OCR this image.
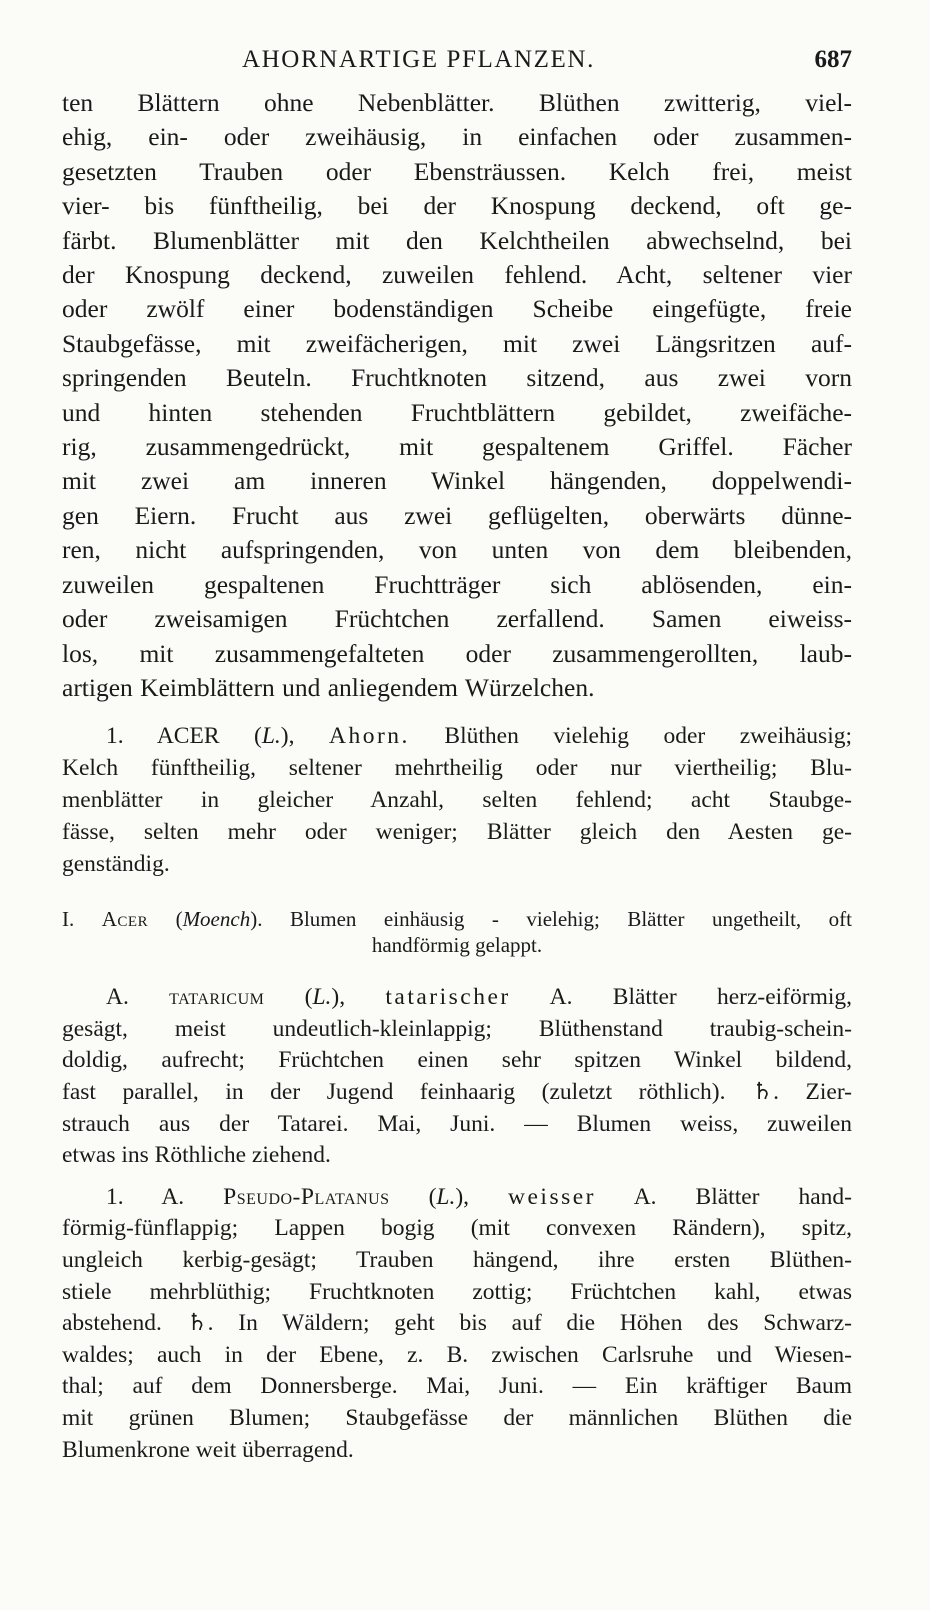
AHORNARTIGE PFLANZEN.	687
ten Blättern ohne Nebenblätter. Blüthen zwitterig, viel-
ehig, ein- oder zweihäusig, in einfachen oder zusammen-
gesetzten Trauben oder Ebensträussen. Kelch frei, meist
vier- bis fünftheilig, bei der Knospung deckend, oft ge-
färbt. Blumenblätter mit den Kelchtheilen abwechselnd, bei
der Knospung deckend, zuweilen fehlend. Acht, seltener vier
oder zwölf einer bodenständigen Scheibe eingefügte, freie
Staubgefässe, mit zweifächerigen, mit zwei Längsritzen auf-
springenden Beuteln. Fruchtknoten sitzend, aus zwei vorn
und hinten stehenden Fruchtblättern gebildet, zweifäche-
rig, zusammengedrückt, mit gespaltenem Griffel. Fächer
mit zwei am inneren Winkel hängenden, doppelwendi-
gen Eiern. Frucht aus zwei geflügelten, oberwärts dünne-
ren, nicht aufspringenden, von unten von dem bleibenden,
zuweilen gespaltenen Fruchtträger sich ablösenden, ein-
oder zweisamigen Früchtchen zerfallend. Samen eiweiss-
los, mit zusammengefalteten oder zusammengerollten, laub-
artigen Keimblättern und anliegendem Würzelchen.
1. ACER (L.), Ahorn. Blüthen vielehig oder zweihäusig;
Kelch fünftheilig, seltener mehrtheilig oder nur viertheilig; Blu-
menblätter in gleicher Anzahl, selten fehlend; acht Staubge-
fässe, selten mehr oder weniger; Blätter gleich den Aesten ge-
genständig.
I. Acer (Moench). Blumen einhäusig - vielehig; Blätter ungetheilt, oft
handförmig gelappt.
A. tataricum (L.), tatarischer A. Blätter herz-eiförmig,
gesägt, meist undeutlich-kleinlappig; Blüthenstand traubig-schein-
doldig, aufrecht; Früchtchen einen sehr spitzen Winkel bildend,
fast parallel, in der Jugend feinhaarig (zuletzt röthlich). ♄. Zier-
strauch aus der Tatarei. Mai, Juni. — Blumen weiss, zuweilen
etwas ins Röthliche ziehend.
1. A. Pseudo-Platanus (L.), weisser A. Blätter hand-
förmig-fünflappig; Lappen bogig (mit convexen Rändern), spitz,
ungleich kerbig-gesägt; Trauben hängend, ihre ersten Blüthen-
stiele mehrblüthig; Fruchtknoten zottig; Früchtchen kahl, etwas
abstehend. ♄. In Wäldern; geht bis auf die Höhen des Schwarz-
waldes; auch in der Ebene, z. B. zwischen Carlsruhe und Wiesen-
thal; auf dem Donnersberge. Mai, Juni. — Ein kräftiger Baum
mit grünen Blumen; Staubgefässe der männlichen Blüthen die
Blumenkrone weit überragend.
